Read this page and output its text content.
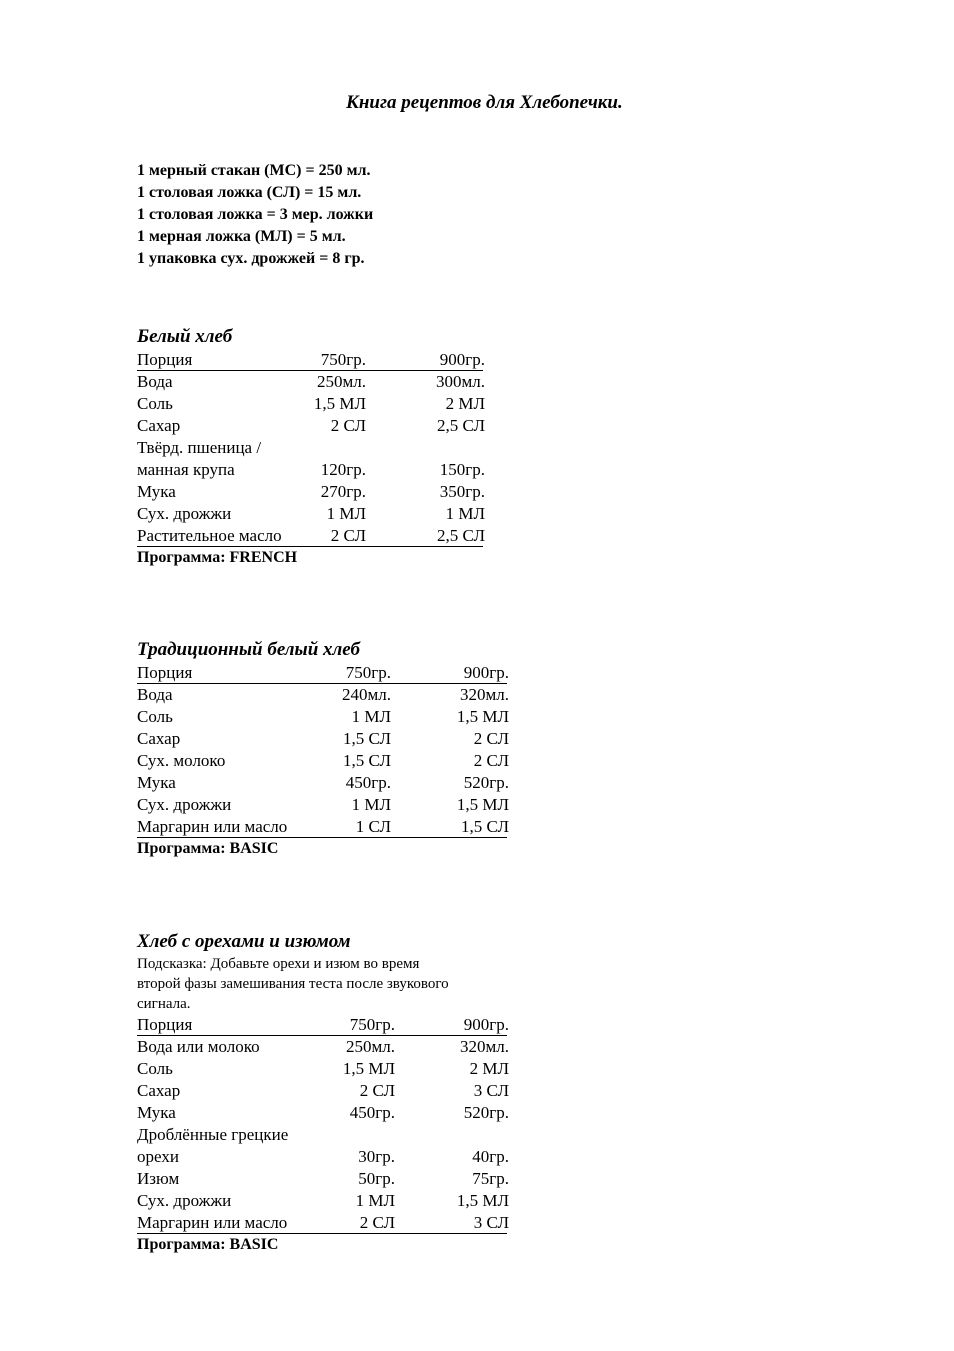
Книга рецептов для Хлебопечки.
1 мерный стакан (МС) = 250 мл.
1 столовая ложка (СЛ) = 15 мл.
1 столовая ложка = 3 мер. ложки
1 мерная ложка (МЛ) = 5 мл.
1 упаковка сух. дрожжей = 8 гр.
Белый хлеб
Порция	750гр.	900гр.
Вода	250мл.	300мл.
Соль	1,5 МЛ	2 МЛ
Сахар	2 СЛ	2,5 СЛ
Твёрд. пшеница /
манная крупа	120гр.	150гр.
Мука	270гр.	350гр.
Сух. дрожжи	1 МЛ	1 МЛ
Растительное масло	2 СЛ	2,5 СЛ
Программа: FRENCH
Традиционный белый хлеб
Порция	750гр.	900гр.
Вода	240мл.	320мл.
Соль	1 МЛ	1,5 МЛ
Сахар	1,5 СЛ	2 СЛ
Сух. молоко	1,5 СЛ	2 СЛ
Мука	450гр.	520гр.
Сух. дрожжи	1 МЛ	1,5 МЛ
Маргарин или масло	1 СЛ	1,5 СЛ
Программа: BASIC
Хлеб с орехами и изюмом
Подсказка: Добавьте орехи и изюм во время
второй фазы замешивания теста после звукового
сигнала.
Порция	750гр.	900гр.
Вода или молоко	250мл.	320мл.
Соль	1,5 МЛ	2 МЛ
Сахар	2 СЛ	3 СЛ
Мука	450гр.	520гр.
Дроблённые грецкие
орехи	30гр.	40гр.
Изюм	50гр.	75гр.
Сух. дрожжи	1 МЛ	1,5 МЛ
Маргарин или масло	2 СЛ	3 СЛ
Программа: BASIC
